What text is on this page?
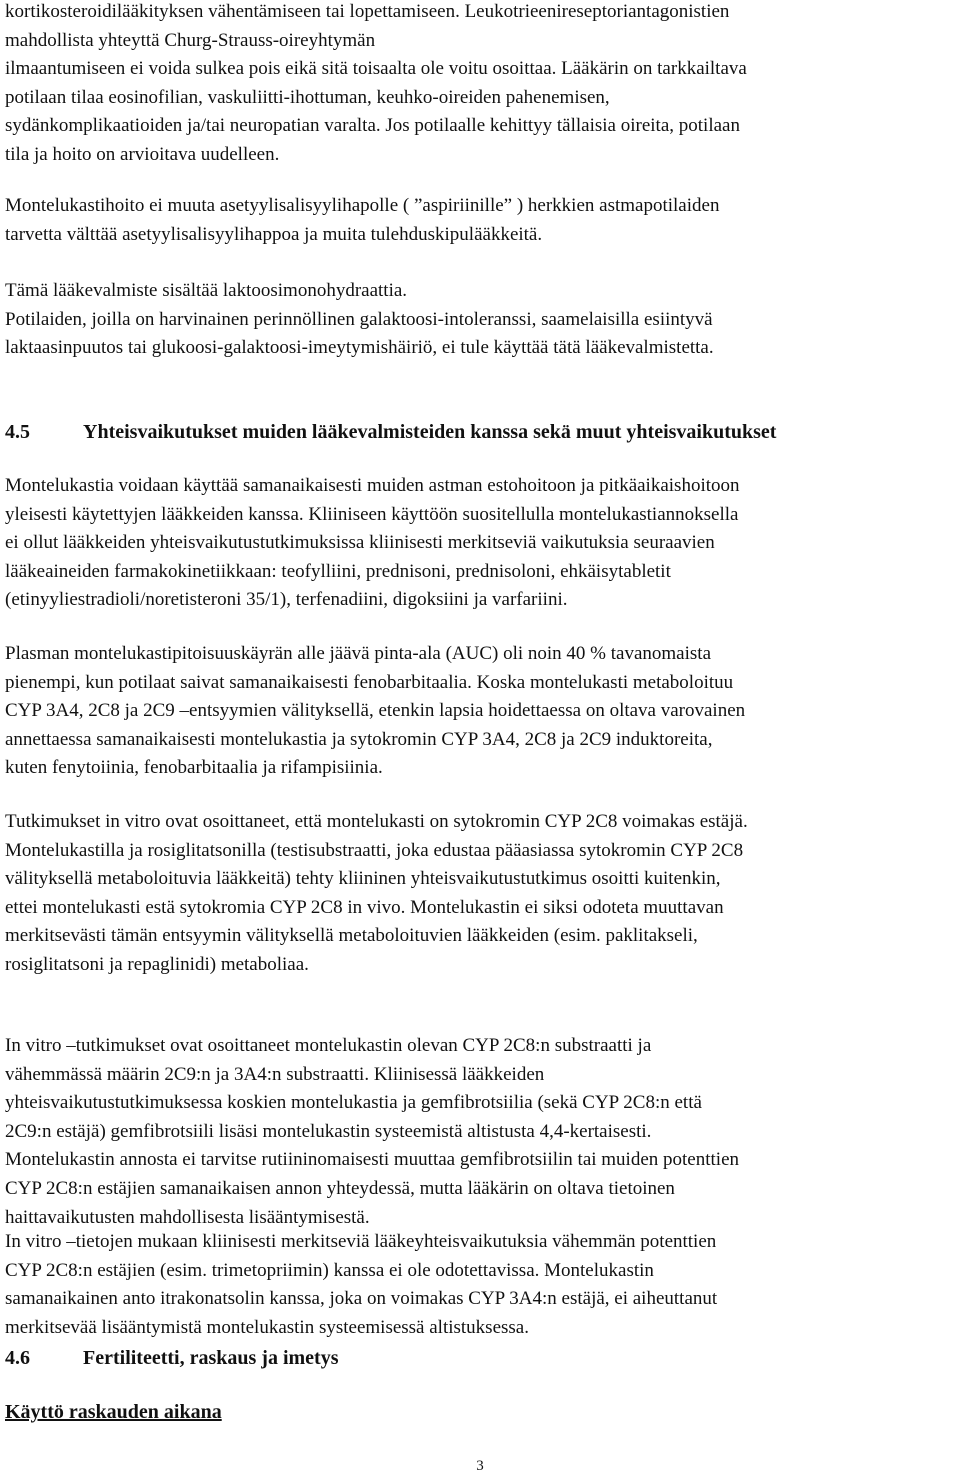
kortikosteroidilääkityksen vähentämiseen tai lopettamiseen. Leukotrieenireseptoriantagonistien
mahdollista yhteyttä Churg-Strauss-oireyhtymän
ilmaantumiseen ei voida sulkea pois eikä sitä toisaalta ole voitu osoittaa. Lääkärin on tarkkailtava
potilaan tilaa eosinofilian, vaskuliitti-ihottuman, keuhko-oireiden pahenemisen,
sydänkomplikaatioiden ja/tai neuropatian varalta. Jos potilaalle kehittyy tällaisia oireita, potilaan
tila ja hoito on arvioitava uudelleen.
Montelukastihoito ei muuta asetyylisalisyylihapolle ( ”aspiriinille” ) herkkien astmapotilaiden
tarvetta välttää asetyylisalisyylihappoa ja muita tulehduskipulääkkeitä.
Tämä lääkevalmiste sisältää laktoosimonohydraattia.
Potilaiden, joilla on harvinainen perinnöllinen galaktoosi-intoleranssi, saamelaisilla esiintyvä
laktaasinpuutos tai glukoosi-galaktoosi-imeytymishäiriö, ei tule käyttää tätä lääkevalmistetta.
4.5	Yhteisvaikutukset muiden lääkevalmisteiden kanssa sekä muut yhteisvaikutukset
Montelukastia voidaan käyttää samanaikaisesti muiden astman estohoitoon ja pitkäaikaishoitoon
yleisesti käytettyjen lääkkeiden kanssa. Kliiniseen käyttöön suositellulla montelukastiannoksella
ei ollut lääkkeiden yhteisvaikutustutkimuksissa kliinisesti merkitseviä vaikutuksia seuraavien
lääkeaineiden farmakokinetiikkaan: teofylliini, prednisoni, prednisoloni, ehkäisytabletit
(etinyyliestradioli/noretisteroni 35/1), terfenadiini, digoksiini ja varfariini.
Plasman montelukastipitoisuuskäyrän alle jäävä pinta-ala (AUC) oli noin 40 % tavanomaista
pienempi, kun potilaat saivat samanaikaisesti fenobarbitaalia. Koska montelukasti metaboloituu
CYP 3A4, 2C8 ja 2C9 –entsyymien välityksellä, etenkin lapsia hoidettaessa on oltava varovainen
annettaessa samanaikaisesti montelukastia ja sytokromin CYP 3A4, 2C8 ja 2C9 induktoreita,
kuten fenytoiinia, fenobarbitaalia ja rifampisiinia.
Tutkimukset in vitro ovat osoittaneet, että montelukasti on sytokromin CYP 2C8 voimakas estäjä.
Montelukastilla ja rosiglitatsonilla (testisubstraatti, joka edustaa pääasiassa sytokromin CYP 2C8
välityksellä metaboloituvia lääkkeitä) tehty kliininen yhteisvaikutustutkimus osoitti kuitenkin,
ettei montelukasti estä sytokromia CYP 2C8 in vivo. Montelukastin ei siksi odoteta muuttavan
merkitsevästi tämän entsyymin välityksellä metaboloituvien lääkkeiden (esim. paklitakseli,
rosiglitatsoni ja repaglinidi) metaboliaa.
In vitro –tutkimukset ovat osoittaneet montelukastin olevan CYP 2C8:n substraatti ja
vähemmässä määrin 2C9:n ja 3A4:n substraatti. Kliinisessä lääkkeiden
yhteisvaikutustutkimuksessa koskien montelukastia ja gemfibrotsiilia (sekä CYP 2C8:n että
2C9:n estäjä) gemfibrotsiili lisäsi montelukastin systeemistä altistusta 4,4-kertaisesti.
Montelukastin annosta ei tarvitse rutiininomaisesti muuttaa gemfibrotsiilin tai muiden potenttien
CYP 2C8:n estäjien samanaikaisen annon yhteydessä, mutta lääkärin on oltava tietoinen
haittavaikutusten mahdollisesta lisääntymisestä.
In vitro –tietojen mukaan kliinisesti merkitseviä lääkeyhteisvaikutuksia vähemmän potenttien
CYP 2C8:n estäjien (esim. trimetopriimin) kanssa ei ole odotettavissa. Montelukastin
samanaikainen anto itrakonatsolin kanssa, joka on voimakas CYP 3A4:n estäjä, ei aiheuttanut
merkitsevää lisääntymistä montelukastin systeemisessä altistuksessa.
4.6	Fertiliteetti, raskaus ja imetys
Käyttö raskauden aikana
3
